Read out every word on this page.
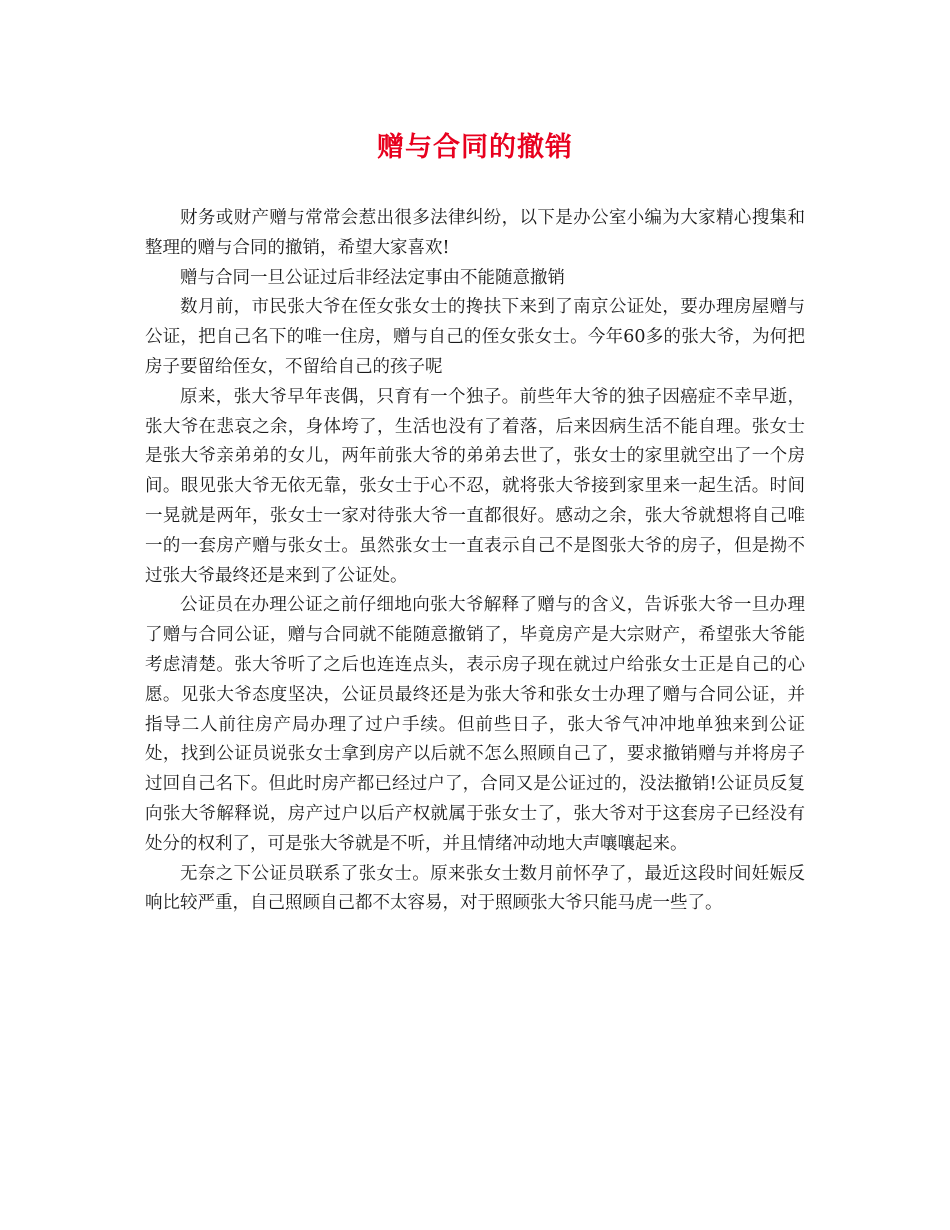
赠与合同的撤销

财务或财产赠与常常会惹出很多法律纠纷，以下是办公室小编为大家精心搜集和整理的赠与合同的撤销，希望大家喜欢!

赠与合同一旦公证过后非经法定事由不能随意撤销

数月前，市民张大爷在侄女张女士的搀扶下来到了南京公证处，要办理房屋赠与公证，把自己名下的唯一住房，赠与自己的侄女张女士。今年60多的张大爷，为何把房子要留给侄女，不留给自己的孩子呢

原来，张大爷早年丧偶，只育有一个独子。前些年大爷的独子因癌症不幸早逝，张大爷在悲哀之余，身体垮了，生活也没有了着落，后来因病生活不能自理。张女士是张大爷亲弟弟的女儿，两年前张大爷的弟弟去世了，张女士的家里就空出了一个房间。眼见张大爷无依无靠，张女士于心不忍，就将张大爷接到家里来一起生活。时间一晃就是两年，张女士一家对待张大爷一直都很好。感动之余，张大爷就想将自己唯一的一套房产赠与张女士。虽然张女士一直表示自己不是图张大爷的房子，但是拗不过张大爷最终还是来到了公证处。

公证员在办理公证之前仔细地向张大爷解释了赠与的含义，告诉张大爷一旦办理了赠与合同公证，赠与合同就不能随意撤销了，毕竟房产是大宗财产，希望张大爷能考虑清楚。张大爷听了之后也连连点头，表示房子现在就过户给张女士正是自己的心愿。见张大爷态度坚决，公证员最终还是为张大爷和张女士办理了赠与合同公证，并指导二人前往房产局办理了过户手续。但前些日子，张大爷气冲冲地单独来到公证处，找到公证员说张女士拿到房产以后就不怎么照顾自己了，要求撤销赠与并将房子过回自己名下。但此时房产都已经过户了，合同又是公证过的，没法撤销!公证员反复向张大爷解释说，房产过户以后产权就属于张女士了，张大爷对于这套房子已经没有处分的权利了，可是张大爷就是不听，并且情绪冲动地大声嚷嚷起来。

无奈之下公证员联系了张女士。原来张女士数月前怀孕了，最近这段时间妊娠反响比较严重，自己照顾自己都不太容易，对于照顾张大爷只能马虎一些了。
